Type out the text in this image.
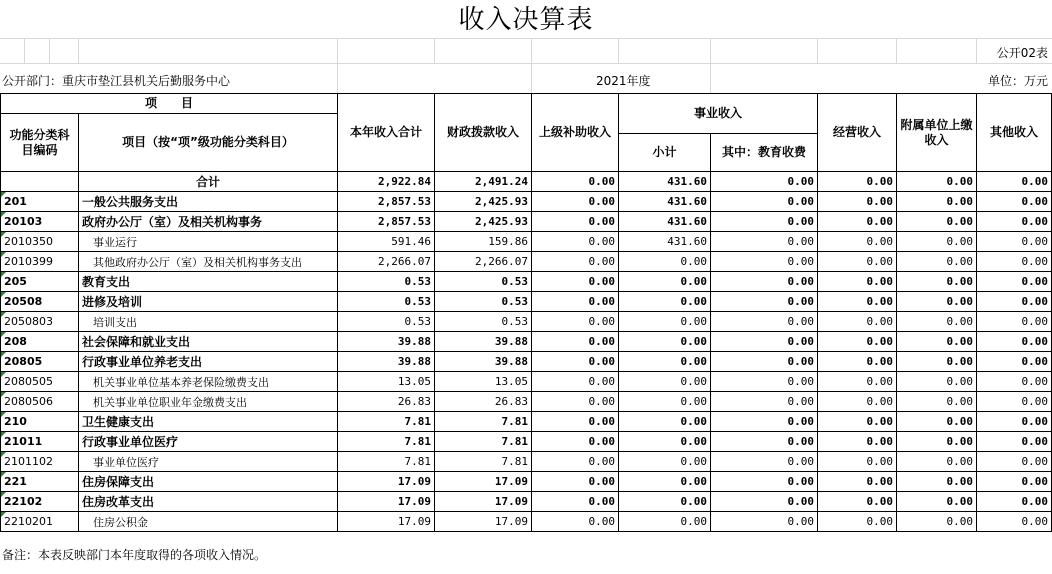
收入决算表
公开02表
公开部门：重庆市垫江县机关后勤服务中心	2021年度	单位：万元
项　　目		本年收入合计	财政拨款收入	上级补助收入	事业收入		经营收入	附属单位上缴收入	其他收入
功能分类科目编码	项目（按“项”级功能分类科目）								
					小计	其中：教育收费			
	合计	2,922.84	2,491.24	0.00	431.60	0.00	0.00	0.00	0.00
201	一般公共服务支出	2,857.53	2,425.93	0.00	431.60	0.00	0.00	0.00	0.00
20103	政府办公厅（室）及相关机构事务	2,857.53	2,425.93	0.00	431.60	0.00	0.00	0.00	0.00
2010350	事业运行	591.46	159.86	0.00	431.60	0.00	0.00	0.00	0.00
2010399	其他政府办公厅（室）及相关机构事务支出	2,266.07	2,266.07	0.00	0.00	0.00	0.00	0.00	0.00
205	教育支出	0.53	0.53	0.00	0.00	0.00	0.00	0.00	0.00
20508	进修及培训	0.53	0.53	0.00	0.00	0.00	0.00	0.00	0.00
2050803	培训支出	0.53	0.53	0.00	0.00	0.00	0.00	0.00	0.00
208	社会保障和就业支出	39.88	39.88	0.00	0.00	0.00	0.00	0.00	0.00
20805	行政事业单位养老支出	39.88	39.88	0.00	0.00	0.00	0.00	0.00	0.00
2080505	机关事业单位基本养老保险缴费支出	13.05	13.05	0.00	0.00	0.00	0.00	0.00	0.00
2080506	机关事业单位职业年金缴费支出	26.83	26.83	0.00	0.00	0.00	0.00	0.00	0.00
210	卫生健康支出	7.81	7.81	0.00	0.00	0.00	0.00	0.00	0.00
21011	行政事业单位医疗	7.81	7.81	0.00	0.00	0.00	0.00	0.00	0.00
2101102	事业单位医疗	7.81	7.81	0.00	0.00	0.00	0.00	0.00	0.00
221	住房保障支出	17.09	17.09	0.00	0.00	0.00	0.00	0.00	0.00
22102	住房改革支出	17.09	17.09	0.00	0.00	0.00	0.00	0.00	0.00
2210201	住房公积金	17.09	17.09	0.00	0.00	0.00	0.00	0.00	0.00
备注：本表反映部门本年度取得的各项收入情况。
